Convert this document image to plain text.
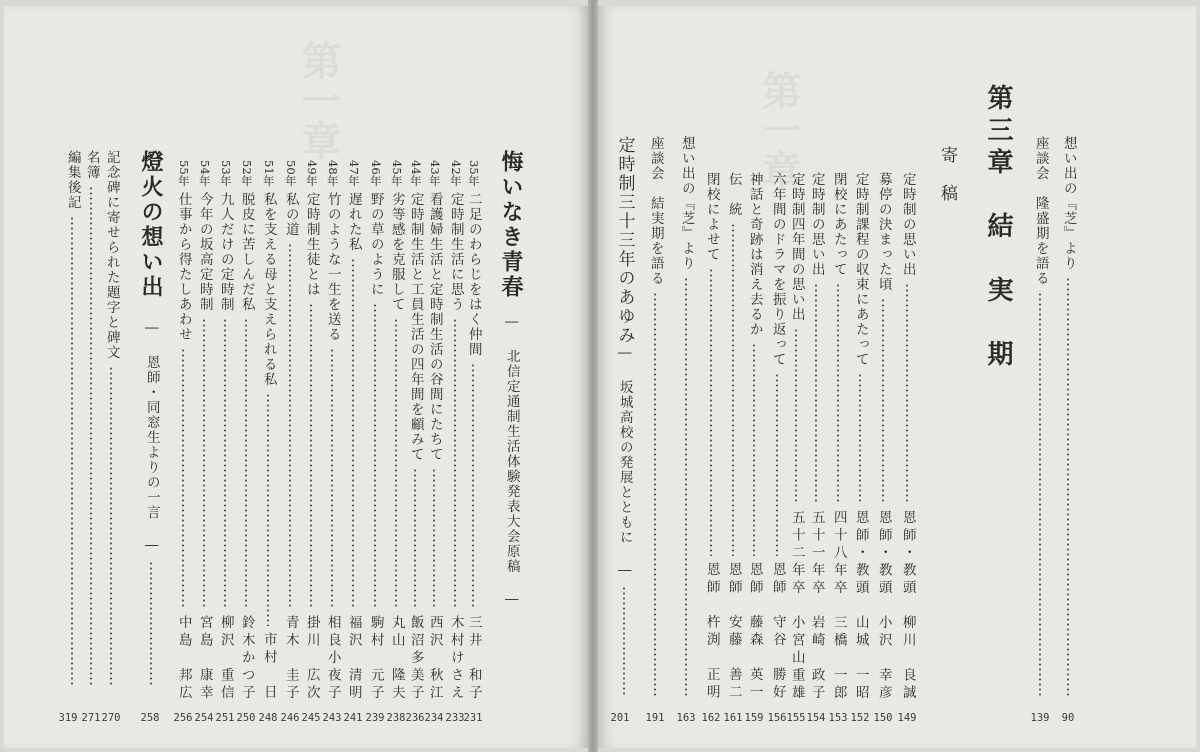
第一章	第一章
想い出の『芝』より
90
座談会　隆盛期を語る
139
第三章　結　実　期
寄　稿
定時制の思い出
恩師・教頭　柳川　良誠
149
募停の決まった頃
恩師・教頭　小沢　幸彦
150
定時制課程の収束にあたって
恩師・教頭　山城　一昭
152
閉校にあたって
四十八年卒　三橋　一郎
153
定時制の思い出
五十一年卒　岩崎　政子
154
定時制四年間の思い出
五十二年卒　小宮山重雄
155
六年間のドラマを振り返って
恩師　守谷　勝好
156
神話と奇跡は消え去るか
恩師　藤森　英一
159
伝　統
恩師　安藤　善二
161
閉校によせて
恩師　杵渕　正明
162
想い出の『芝』より
163
座談会　結実期を語る
191
定時制三十三年のあゆみ
― 坂城高校の発展とともに ―
201
悔いなき青春
― 北信定通制生活体験発表大会原稿 ―
35年
二足のわらじをはく仲間
三井　和子
231
42年
定時制生活に思う
木村けさえ
233
43年
看護婦生活と定時制生活の谷間にたちて
西沢　秋江
234
44年
定時制生活と工員生活の四年間を顧みて
飯沼多美子
236
45年
劣等感を克服して
丸山　隆夫
238
46年
野の草のように
駒村　元子
239
47年
遅れた私
福沢　清明
241
48年
竹のような一生を送る
相良小夜子
243
49年
定時制生徒とは
掛川　広次
245
50年
私の道
青木　圭子
246
51年
私を支える母と支えられる私
市村　日
248
52年
脱皮に苦しんだ私
鈴木かつ子
250
53年
九人だけの定時制
柳沢　重信
251
54年
今年の坂高定時制
宮島　康幸
254
55年
仕事から得たしあわせ
中島　邦広
256
燈火の想い出
― 恩師・同窓生よりの一言 ―
258
記念碑に寄せられた題字と碑文
270
名簿
271
編集後記
319
